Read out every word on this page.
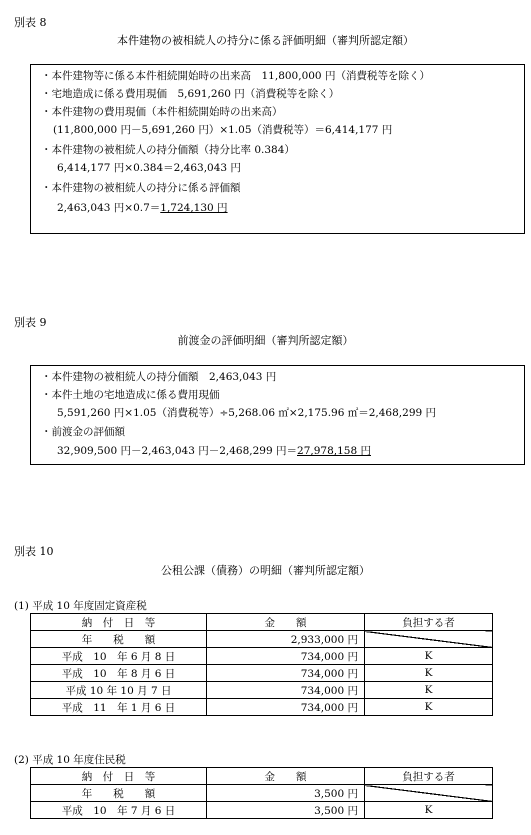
別表 8
本件建物の被相続人の持分に係る評価明細（審判所認定額）
・本件建物等に係る本件相続開始時の出来高　11,800,000 円（消費税等を除く）
・宅地造成に係る費用現価　5,691,260 円（消費税等を除く）
・本件建物の費用現価（本件相続開始時の出来高）
(11,800,000 円－5,691,260 円）×1.05（消費税等）＝6,414,177 円
・本件建物の被相続人の持分価額（持分比率 0.384）
6,414,177 円×0.384＝2,463,043 円
・本件建物の被相続人の持分に係る評価額
2,463,043 円×0.7＝1,724,130 円
別表 9
前渡金の評価明細（審判所認定額）
・本件建物の被相続人の持分価額　2,463,043 円
・本件土地の宅地造成に係る費用現価
5,591,260 円×1.05（消費税等）÷5,268.06 ㎡×2,175.96 ㎡＝2,468,299 円
・前渡金の評価額
32,909,500 円－2,463,043 円－2,468,299 円＝27,978,158 円
別表 10
公租公課（債務）の明細（審判所認定額）
(1) 平成 10 年度固定資産税
納　付　日　等	金　　額	負担する者
年　　税　　額	2,933,000 円	
平成　10　年 6 月 8 日	734,000 円	K
平成　10　年 8 月 6 日	734,000 円	K
平成 10 年 10 月 7 日	734,000 円	K
平成　11　年 1 月 6 日	734,000 円	K
(2) 平成 10 年度住民税
納　付　日　等	金　　額	負担する者
年　　税　　額	3,500 円	
平成　10　年 7 月 6 日	3,500 円	K
